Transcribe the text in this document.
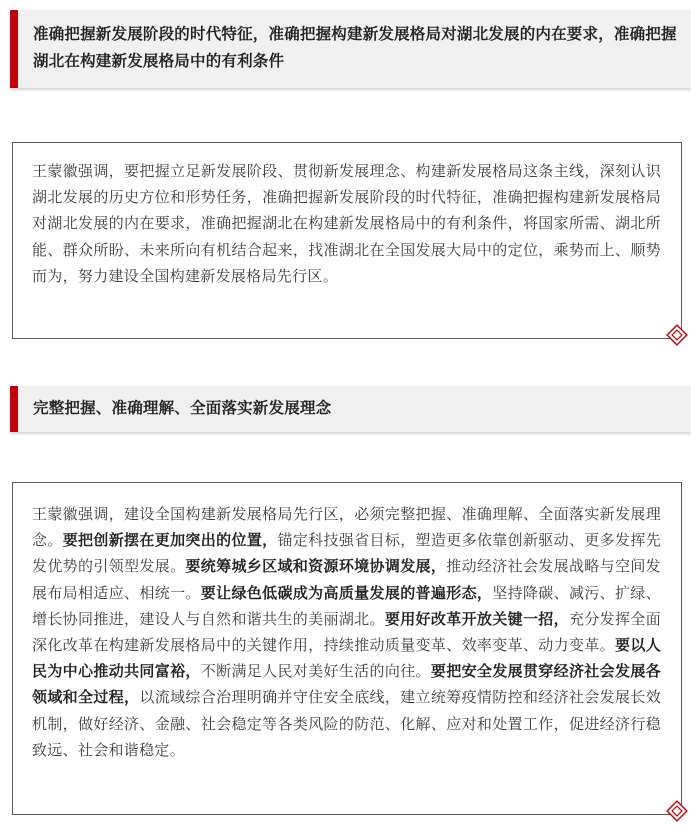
准确把握新发展阶段的时代特征，准确把握构建新发展格局对湖北发展的内在要求，准确把握湖北在构建新发展格局中的有利条件

王蒙徽强调，要把握立足新发展阶段、贯彻新发展理念、构建新发展格局这条主线，深刻认识湖北发展的历史方位和形势任务，准确把握新发展阶段的时代特征，准确把握构建新发展格局对湖北发展的内在要求，准确把握湖北在构建新发展格局中的有利条件，将国家所需、湖北所能、群众所盼、未来所向有机结合起来，找准湖北在全国发展大局中的定位，乘势而上、顺势而为，努力建设全国构建新发展格局先行区。

完整把握、准确理解、全面落实新发展理念

王蒙徽强调，建设全国构建新发展格局先行区，必须完整把握、准确理解、全面落实新发展理念。要把创新摆在更加突出的位置，锚定科技强省目标，塑造更多依靠创新驱动、更多发挥先发优势的引领型发展。要统筹城乡区域和资源环境协调发展，推动经济社会发展战略与空间发展布局相适应、相统一。要让绿色低碳成为高质量发展的普遍形态，坚持降碳、减污、扩绿、增长协同推进，建设人与自然和谐共生的美丽湖北。要用好改革开放关键一招，充分发挥全面深化改革在构建新发展格局中的关键作用，持续推动质量变革、效率变革、动力变革。要以人民为中心推动共同富裕，不断满足人民对美好生活的向往。要把安全发展贯穿经济社会发展各领域和全过程，以流域综合治理明确并守住安全底线，建立统筹疫情防控和经济社会发展长效机制，做好经济、金融、社会稳定等各类风险的防范、化解、应对和处置工作，促进经济行稳致远、社会和谐稳定。
